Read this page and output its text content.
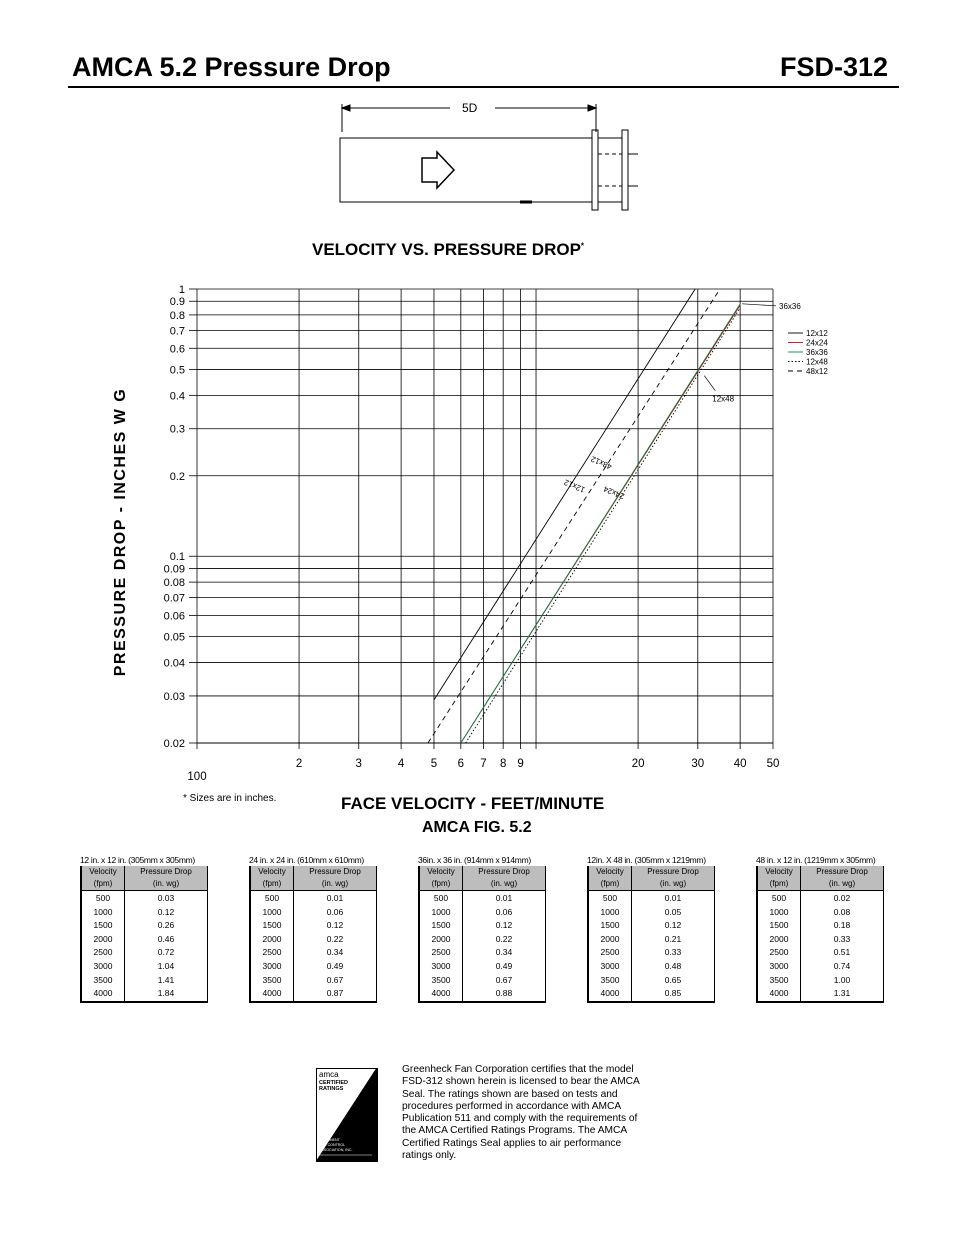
AMCA 5.2 Pressure Drop	FSD-312
5D
VELOCITY VS. PRESSURE DROP*
1
0.9
0.8
0.7
0.6
0.5
0.4
0.3
0.2
0.1
0.09
0.08
0.07
0.06
0.05
0.04
0.03
0.02
100
2	3	4 5 6 7 8 9	20	30	40 50
36x36
12x48
12x12
48x12
24x24
12x12
24x24
36x36
12x48
48x12
PRESSURE DROP - INCHES W G
* Sizes are in inches.	FACE VELOCITY - FEET/MINUTE
AMCA FIG. 5.2
12 in. x 12 in. (305mm x 305mm)
Velocity	Pressure Drop
(fpm)	(in. wg)
500	0.03
1000	0.12
1500	0.26
2000	0.46
2500	0.72
3000	1.04
3500	1.41
4000	1.84
24 in. x 24 in. (610mm x 610mm)
Velocity	Pressure Drop
(fpm)	(in. wg)
500	0.01
1000	0.06
1500	0.12
2000	0.22
2500	0.34
3000	0.49
3500	0.67
4000	0.87
36in. x 36 in. (914mm x 914mm)
Velocity	Pressure Drop
(fpm)	(in. wg)
500	0.01
1000	0.06
1500	0.12
2000	0.22
2500	0.34
3000	0.49
3500	0.67
4000	0.88
12in. X 48 in. (305mm x 1219mm)
Velocity	Pressure Drop
(fpm)	(in. wg)
500	0.01
1000	0.05
1500	0.12
2000	0.21
2500	0.33
3000	0.48
3500	0.65
4000	0.85
48 in. x 12 in. (1219mm x 305mm)
Velocity	Pressure Drop
(fpm)	(in. wg)
500	0.02
1000	0.08
1500	0.18
2000	0.33
2500	0.51
3000	0.74
3500	1.00
4000	1.31
amca
CERTIFIED
RATINGS
AIR
PERFORMANCE
AIR
MOVEMENT
AND CONTROL
ASSOCIATION, INC.
Greenheck Fan Corporation certifies that the model FSD-312 shown herein is licensed to bear the AMCA Seal. The ratings shown are based on tests and procedures performed in accordance with AMCA Publication 511 and comply with the requirements of the AMCA Certified Ratings Programs. The AMCA Certified Ratings Seal applies to air performance ratings only.
